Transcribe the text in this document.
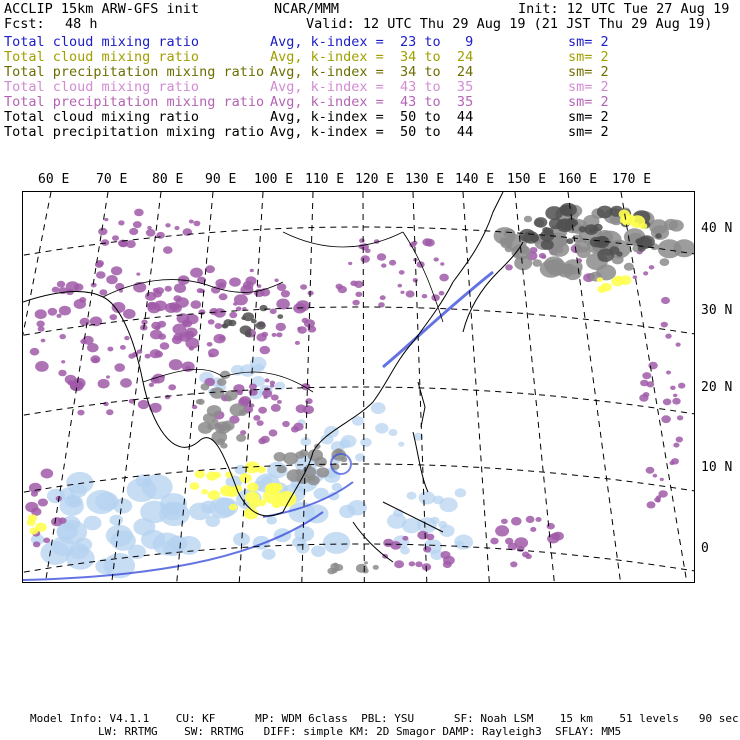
ACCLIP 15km ARW-GFS init	NCAR/MMM	Init: 12 UTC Tue 27 Aug 19
Fcst: 48 h	Valid: 12 UTC Thu 29 Aug 19 (21 JST Thu 29 Aug 19)
Total cloud mixing ratio	Avg, k-index =  23 to   9	sm= 2
Total cloud mixing ratio	Avg, k-index =  34 to  24	sm= 2
Total precipitation mixing ratio Avg, k-index =  34 to  24	sm= 2
Total cloud mixing ratio	Avg, k-index =  43 to  35	sm= 2
Total precipitation mixing ratio Avg, k-index =  43 to  35	sm= 2
Total cloud mixing ratio	Avg, k-index =  50 to  44	sm= 2
Total precipitation mixing ratio Avg, k-index =  50 to  44	sm= 2
60 E 70 E 80 E 90 E 100 E 110 E 120 E 130 E 140 E 150 E 160 E 170 E
40 N
30 N
20 N
10 N
0
Model Info: V4.1.1    CU: KF      MP: WDM 6class  PBL: YSU      SF: Noah LSM    15 km    51 levels   90 sec
LW: RRTMG    SW: RRTMG   DIFF: simple KM: 2D Smagor DAMP: Rayleigh3  SFLAY: MM5
